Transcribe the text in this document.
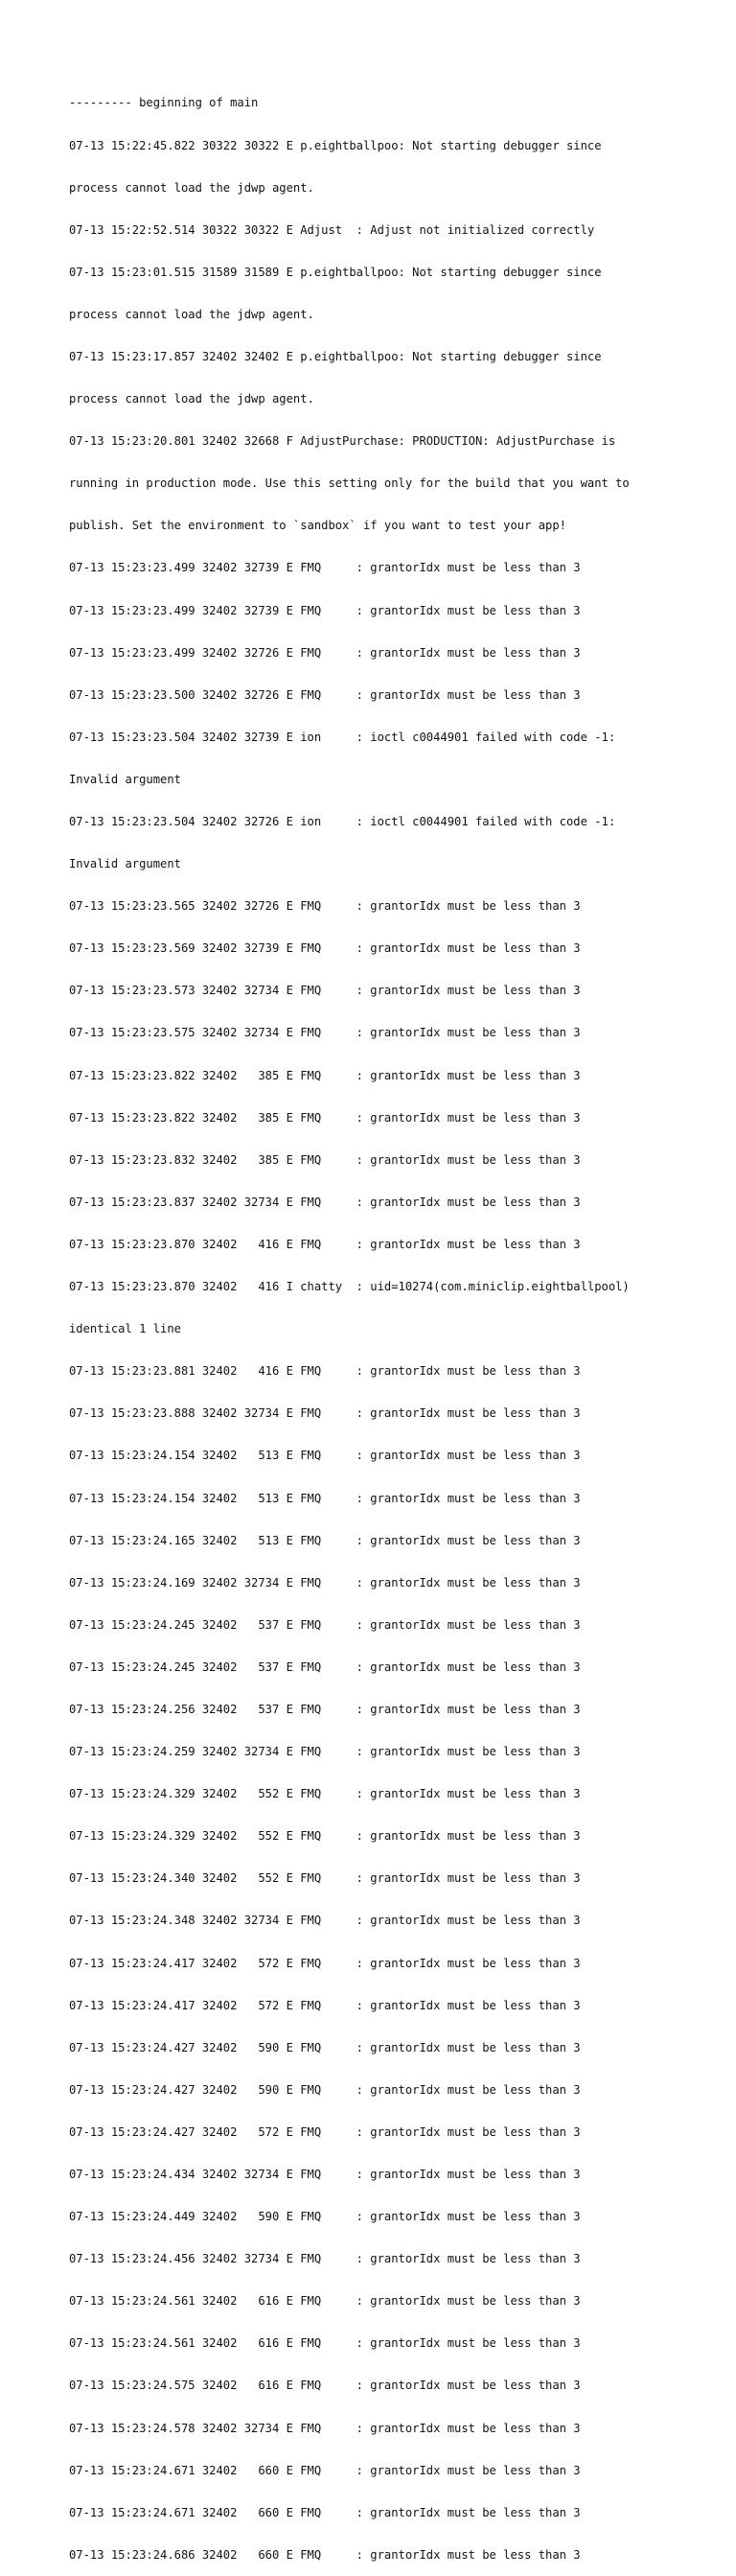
--------- beginning of main

07-13 15:22:45.822 30322 30322 E p.eightballpoo: Not starting debugger since

process cannot load the jdwp agent.

07-13 15:22:52.514 30322 30322 E Adjust  : Adjust not initialized correctly

07-13 15:23:01.515 31589 31589 E p.eightballpoo: Not starting debugger since

process cannot load the jdwp agent.

07-13 15:23:17.857 32402 32402 E p.eightballpoo: Not starting debugger since

process cannot load the jdwp agent.

07-13 15:23:20.801 32402 32668 F AdjustPurchase: PRODUCTION: AdjustPurchase is

running in production mode. Use this setting only for the build that you want to

publish. Set the environment to `sandbox` if you want to test your app!

07-13 15:23:23.499 32402 32739 E FMQ     : grantorIdx must be less than 3

07-13 15:23:23.499 32402 32739 E FMQ     : grantorIdx must be less than 3

07-13 15:23:23.499 32402 32726 E FMQ     : grantorIdx must be less than 3

07-13 15:23:23.500 32402 32726 E FMQ     : grantorIdx must be less than 3

07-13 15:23:23.504 32402 32739 E ion     : ioctl c0044901 failed with code -1:

Invalid argument

07-13 15:23:23.504 32402 32726 E ion     : ioctl c0044901 failed with code -1:

Invalid argument

07-13 15:23:23.565 32402 32726 E FMQ     : grantorIdx must be less than 3

07-13 15:23:23.569 32402 32739 E FMQ     : grantorIdx must be less than 3

07-13 15:23:23.573 32402 32734 E FMQ     : grantorIdx must be less than 3

07-13 15:23:23.575 32402 32734 E FMQ     : grantorIdx must be less than 3

07-13 15:23:23.822 32402   385 E FMQ     : grantorIdx must be less than 3

07-13 15:23:23.822 32402   385 E FMQ     : grantorIdx must be less than 3

07-13 15:23:23.832 32402   385 E FMQ     : grantorIdx must be less than 3

07-13 15:23:23.837 32402 32734 E FMQ     : grantorIdx must be less than 3

07-13 15:23:23.870 32402   416 E FMQ     : grantorIdx must be less than 3

07-13 15:23:23.870 32402   416 I chatty  : uid=10274(com.miniclip.eightballpool)

identical 1 line

07-13 15:23:23.881 32402   416 E FMQ     : grantorIdx must be less than 3

07-13 15:23:23.888 32402 32734 E FMQ     : grantorIdx must be less than 3

07-13 15:23:24.154 32402   513 E FMQ     : grantorIdx must be less than 3

07-13 15:23:24.154 32402   513 E FMQ     : grantorIdx must be less than 3

07-13 15:23:24.165 32402   513 E FMQ     : grantorIdx must be less than 3

07-13 15:23:24.169 32402 32734 E FMQ     : grantorIdx must be less than 3

07-13 15:23:24.245 32402   537 E FMQ     : grantorIdx must be less than 3

07-13 15:23:24.245 32402   537 E FMQ     : grantorIdx must be less than 3

07-13 15:23:24.256 32402   537 E FMQ     : grantorIdx must be less than 3

07-13 15:23:24.259 32402 32734 E FMQ     : grantorIdx must be less than 3

07-13 15:23:24.329 32402   552 E FMQ     : grantorIdx must be less than 3

07-13 15:23:24.329 32402   552 E FMQ     : grantorIdx must be less than 3

07-13 15:23:24.340 32402   552 E FMQ     : grantorIdx must be less than 3

07-13 15:23:24.348 32402 32734 E FMQ     : grantorIdx must be less than 3

07-13 15:23:24.417 32402   572 E FMQ     : grantorIdx must be less than 3

07-13 15:23:24.417 32402   572 E FMQ     : grantorIdx must be less than 3

07-13 15:23:24.427 32402   590 E FMQ     : grantorIdx must be less than 3

07-13 15:23:24.427 32402   590 E FMQ     : grantorIdx must be less than 3

07-13 15:23:24.427 32402   572 E FMQ     : grantorIdx must be less than 3

07-13 15:23:24.434 32402 32734 E FMQ     : grantorIdx must be less than 3

07-13 15:23:24.449 32402   590 E FMQ     : grantorIdx must be less than 3

07-13 15:23:24.456 32402 32734 E FMQ     : grantorIdx must be less than 3

07-13 15:23:24.561 32402   616 E FMQ     : grantorIdx must be less than 3

07-13 15:23:24.561 32402   616 E FMQ     : grantorIdx must be less than 3

07-13 15:23:24.575 32402   616 E FMQ     : grantorIdx must be less than 3

07-13 15:23:24.578 32402 32734 E FMQ     : grantorIdx must be less than 3

07-13 15:23:24.671 32402   660 E FMQ     : grantorIdx must be less than 3

07-13 15:23:24.671 32402   660 E FMQ     : grantorIdx must be less than 3

07-13 15:23:24.686 32402   660 E FMQ     : grantorIdx must be less than 3
